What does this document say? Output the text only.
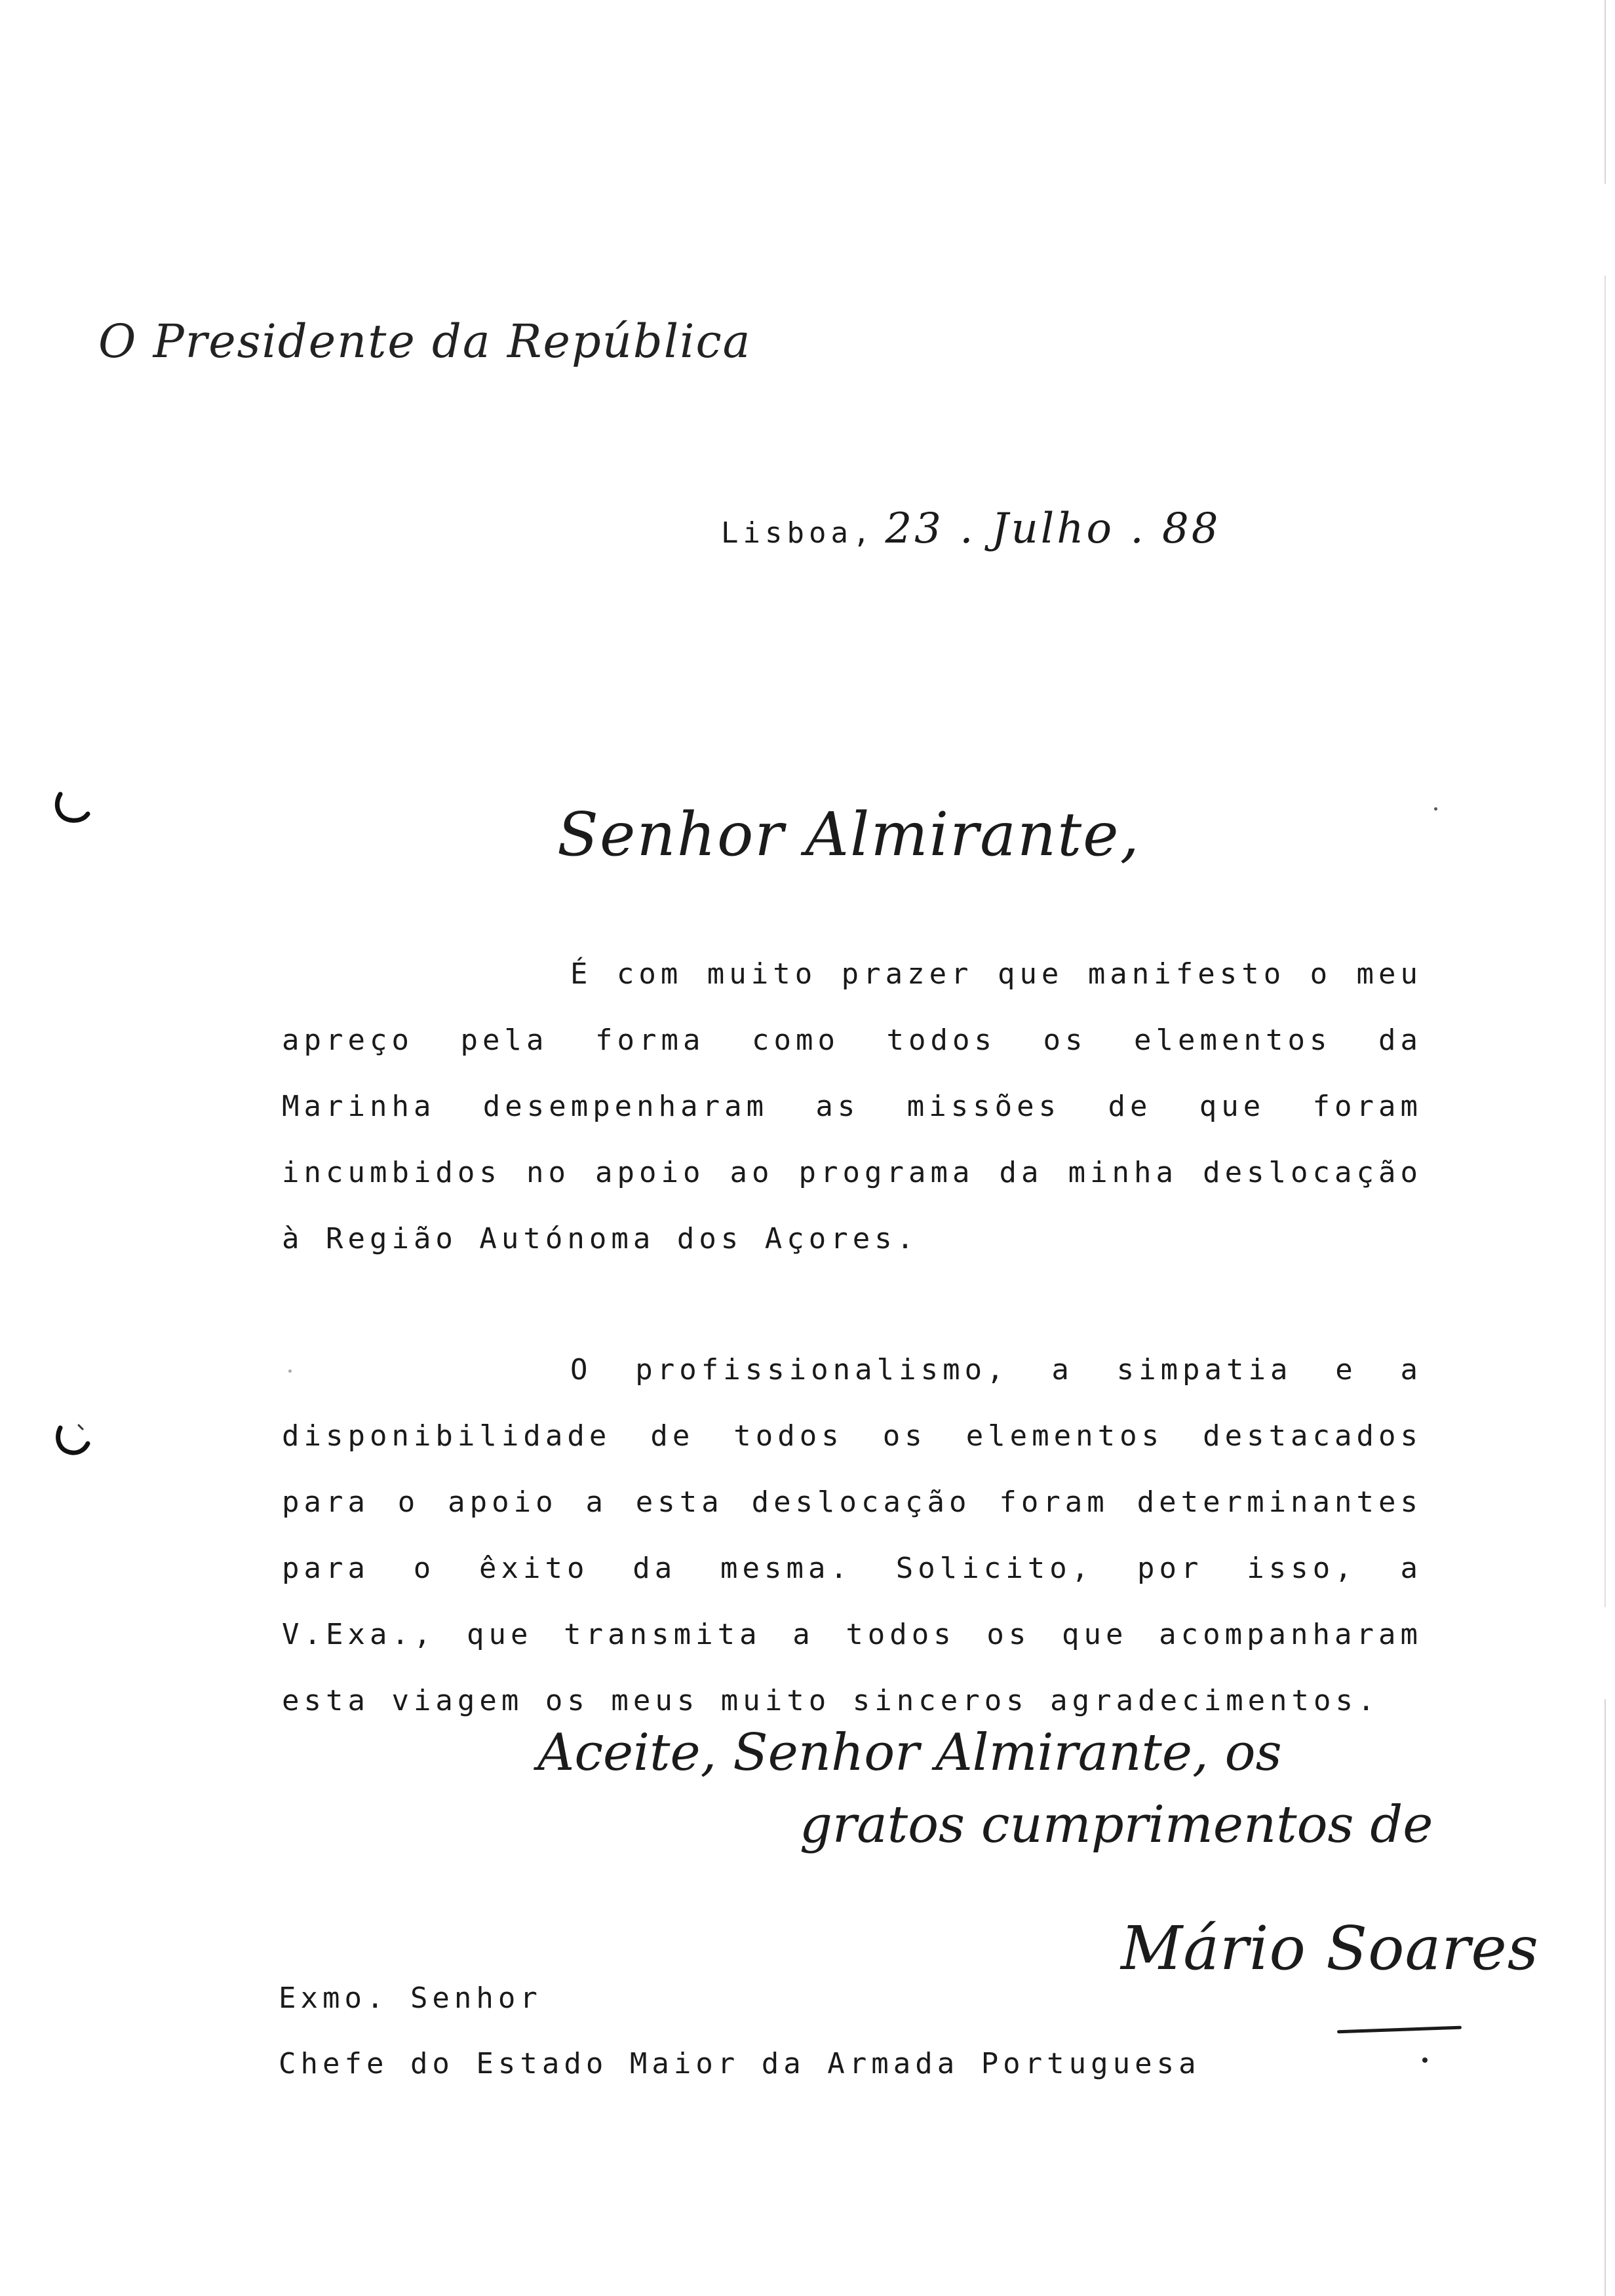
O Presidente da República
Lisboa, 23 . Julho . 88
Senhor Almirante,
É com muito prazer que manifesto o meu apreço pela forma como todos os elementos da Marinha desempenharam as missões de que foram incumbidos no apoio ao programa da minha deslocação à Região Autónoma dos Açores.
O profissionalismo, a simpatia e a disponibilidade de todos os elementos destacados para o apoio a esta deslocação foram determinantes para o êxito da mesma. Solicito, por isso, a V.Exa., que transmita a todos os que acompanharam esta viagem os meus muito sinceros agradecimentos.
Aceite, Senhor Almirante, os
gratos cumprimentos de
Mário Soares
Exmo. Senhor
Chefe do Estado Maior da Armada Portuguesa
